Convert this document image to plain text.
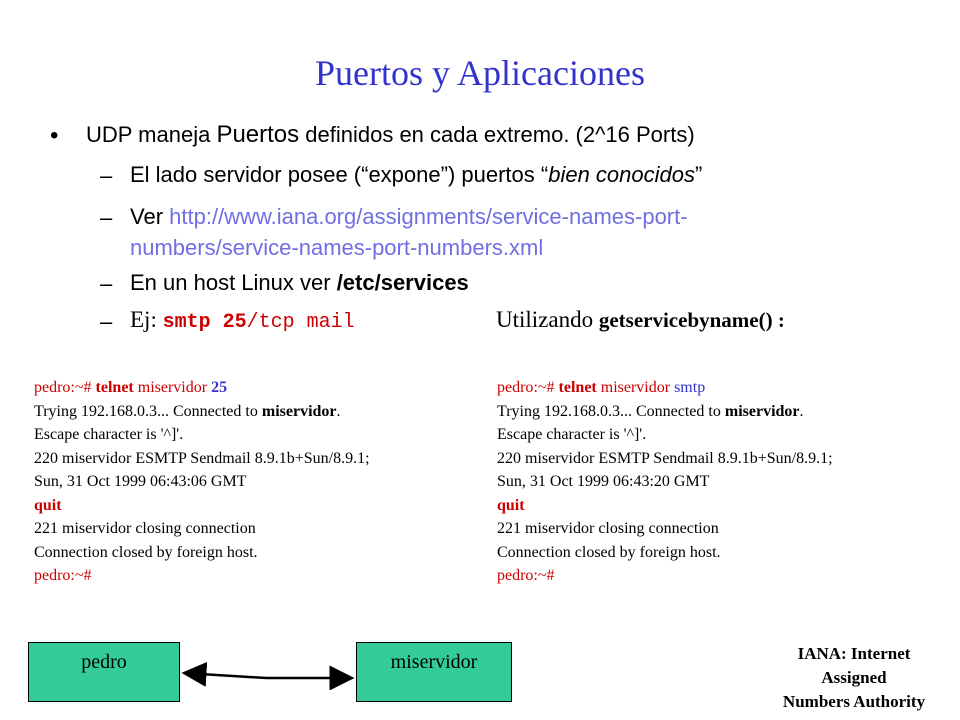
Puertos y Aplicaciones
• UDP maneja Puertos definidos en cada extremo. (2^16 Ports)
– El lado servidor posee (“expone”) puertos “bien conocidos”
– Ver http://www.iana.org/assignments/service-names-port-
numbers/service-names-port-numbers.xml
– En un host Linux ver /etc/services
– Ej: smtp 25/tcp mail	Utilizando getservicebyname() :
pedro:~# telnet miservidor 25
Trying 192.168.0.3... Connected to miservidor.
Escape character is '^]'.
220 miservidor ESMTP Sendmail 8.9.1b+Sun/8.9.1;
Sun, 31 Oct 1999 06:43:06 GMT
quit
221 miservidor closing connection
Connection closed by foreign host.
pedro:~#
pedro:~# telnet miservidor smtp
Trying 192.168.0.3... Connected to miservidor.
Escape character is '^]'.
220 miservidor ESMTP Sendmail 8.9.1b+Sun/8.9.1;
Sun, 31 Oct 1999 06:43:20 GMT
quit
221 miservidor closing connection
Connection closed by foreign host.
pedro:~#
pedro	miservidor	IANA: Internet
Assigned
Numbers Authority
